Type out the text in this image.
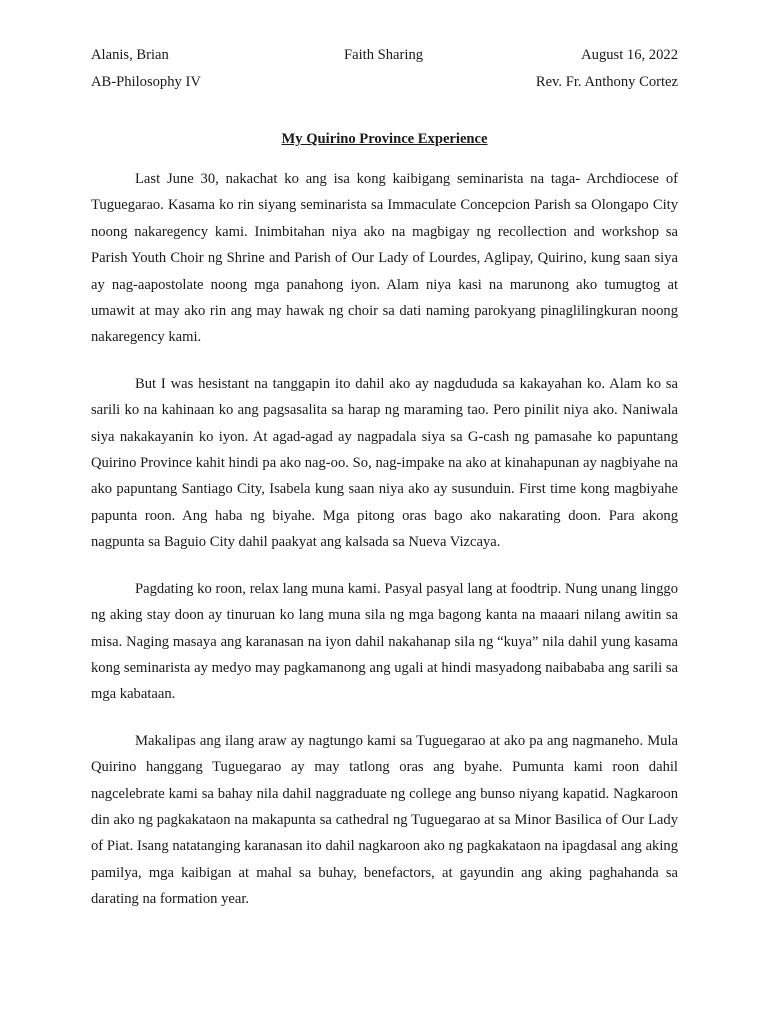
Alanis, Brian	Faith Sharing	August 16, 2022
AB-Philosophy IV	Rev. Fr. Anthony Cortez
My Quirino Province Experience

Last June 30, nakachat ko ang isa kong kaibigang seminarista na taga- Archdiocese of Tuguegarao. Kasama ko rin siyang seminarista sa Immaculate Concepcion Parish sa Olongapo City noong nakaregency kami. Inimbitahan niya ako na magbigay ng recollection and workshop sa Parish Youth Choir ng Shrine and Parish of Our Lady of Lourdes, Aglipay, Quirino, kung saan siya ay nag-aapostolate noong mga panahong iyon. Alam niya kasi na marunong ako tumugtog at umawit at may ako rin ang may hawak ng choir sa dati naming parokyang pinaglilingkuran noong nakaregency kami.

But I was hesistant na tanggapin ito dahil ako ay nagdududa sa kakayahan ko. Alam ko sa sarili ko na kahinaan ko ang pagsasalita sa harap ng maraming tao. Pero pinilit niya ako. Naniwala siya nakakayanin ko iyon. At agad-agad ay nagpadala siya sa G-cash ng pamasahe ko papuntang Quirino Province kahit hindi pa ako nag-oo. So, nag-impake na ako at kinahapunan ay nagbiyahe na ako papuntang Santiago City, Isabela kung saan niya ako ay susunduin. First time kong magbiyahe papunta roon. Ang haba ng biyahe. Mga pitong oras bago ako nakarating doon. Para akong nagpunta sa Baguio City dahil paakyat ang kalsada sa Nueva Vizcaya.

Pagdating ko roon, relax lang muna kami. Pasyal pasyal lang at foodtrip. Nung unang linggo ng aking stay doon ay tinuruan ko lang muna sila ng mga bagong kanta na maaari nilang awitin sa misa. Naging masaya ang karanasan na iyon dahil nakahanap sila ng “kuya” nila dahil yung kasama kong seminarista ay medyo may pagkamanong ang ugali at hindi masyadong naibababa ang sarili sa mga kabataan.

Makalipas ang ilang araw ay nagtungo kami sa Tuguegarao at ako pa ang nagmaneho. Mula Quirino hanggang Tuguegarao ay may tatlong oras ang byahe. Pumunta kami roon dahil nagcelebrate kami sa bahay nila dahil naggraduate ng college ang bunso niyang kapatid. Nagkaroon din ako ng pagkakataon na makapunta sa cathedral ng Tuguegarao at sa Minor Basilica of Our Lady of Piat. Isang natatanging karanasan ito dahil nagkaroon ako ng pagkakataon na ipagdasal ang aking pamilya, mga kaibigan at mahal sa buhay, benefactors, at gayundin ang aking paghahanda sa darating na formation year.
